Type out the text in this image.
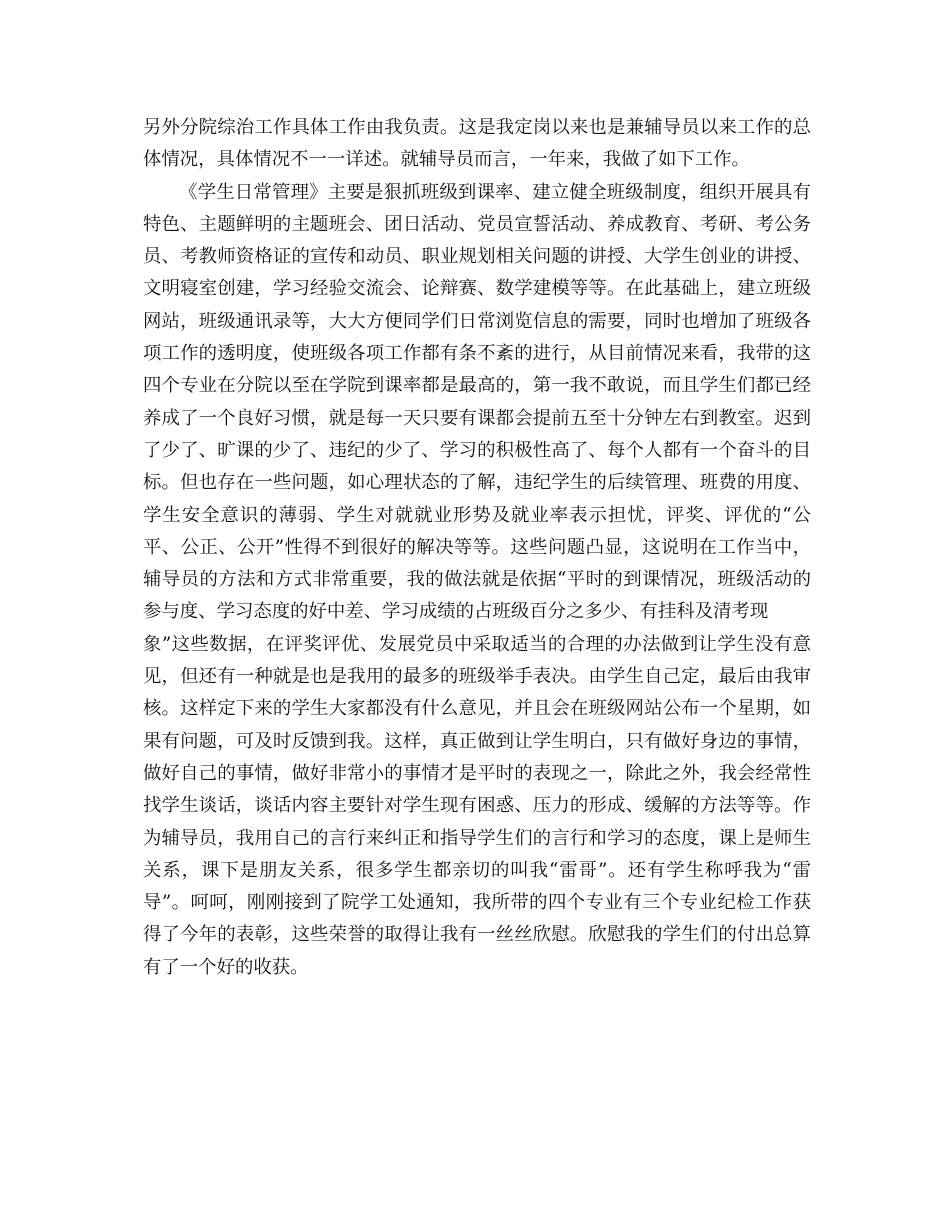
另外分院综治工作具体工作由我负责。这是我定岗以来也是兼辅导员以来工作的总
体情况，具体情况不一一详述。就辅导员而言，一年来，我做了如下工作。
《学生日常管理》主要是狠抓班级到课率、建立健全班级制度，组织开展具有
特色、主题鲜明的主题班会、团日活动、党员宣誓活动、养成教育、考研、考公务
员、考教师资格证的宣传和动员、职业规划相关问题的讲授、大学生创业的讲授、
文明寝室创建，学习经验交流会、论辩赛、数学建模等等。在此基础上，建立班级
网站，班级通讯录等，大大方便同学们日常浏览信息的需要，同时也增加了班级各
项工作的透明度，使班级各项工作都有条不紊的进行，从目前情况来看，我带的这
四个专业在分院以至在学院到课率都是最高的，第一我不敢说，而且学生们都已经
养成了一个良好习惯，就是每一天只要有课都会提前五至十分钟左右到教室。迟到
了少了、旷课的少了、违纪的少了、学习的积极性高了、每个人都有一个奋斗的目
标。但也存在一些问题，如心理状态的了解，违纪学生的后续管理、班费的用度、
学生安全意识的薄弱、学生对就就业形势及就业率表示担忧，评奖、评优的“公
平、公正、公开”性得不到很好的解决等等。这些问题凸显，这说明在工作当中，
辅导员的方法和方式非常重要，我的做法就是依据“平时的到课情况，班级活动的
参与度、学习态度的好中差、学习成绩的占班级百分之多少、有挂科及清考现
象”这些数据，在评奖评优、发展党员中采取适当的合理的办法做到让学生没有意
见，但还有一种就是也是我用的最多的班级举手表决。由学生自己定，最后由我审
核。这样定下来的学生大家都没有什么意见，并且会在班级网站公布一个星期，如
果有问题，可及时反馈到我。这样，真正做到让学生明白，只有做好身边的事情，
做好自己的事情，做好非常小的事情才是平时的表现之一，除此之外，我会经常性
找学生谈话，谈话内容主要针对学生现有困惑、压力的形成、缓解的方法等等。作
为辅导员，我用自己的言行来纠正和指导学生们的言行和学习的态度，课上是师生
关系，课下是朋友关系，很多学生都亲切的叫我“雷哥”。还有学生称呼我为“雷
导”。呵呵，刚刚接到了院学工处通知，我所带的四个专业有三个专业纪检工作获
得了今年的表彰，这些荣誉的取得让我有一丝丝欣慰。欣慰我的学生们的付出总算
有了一个好的收获。
